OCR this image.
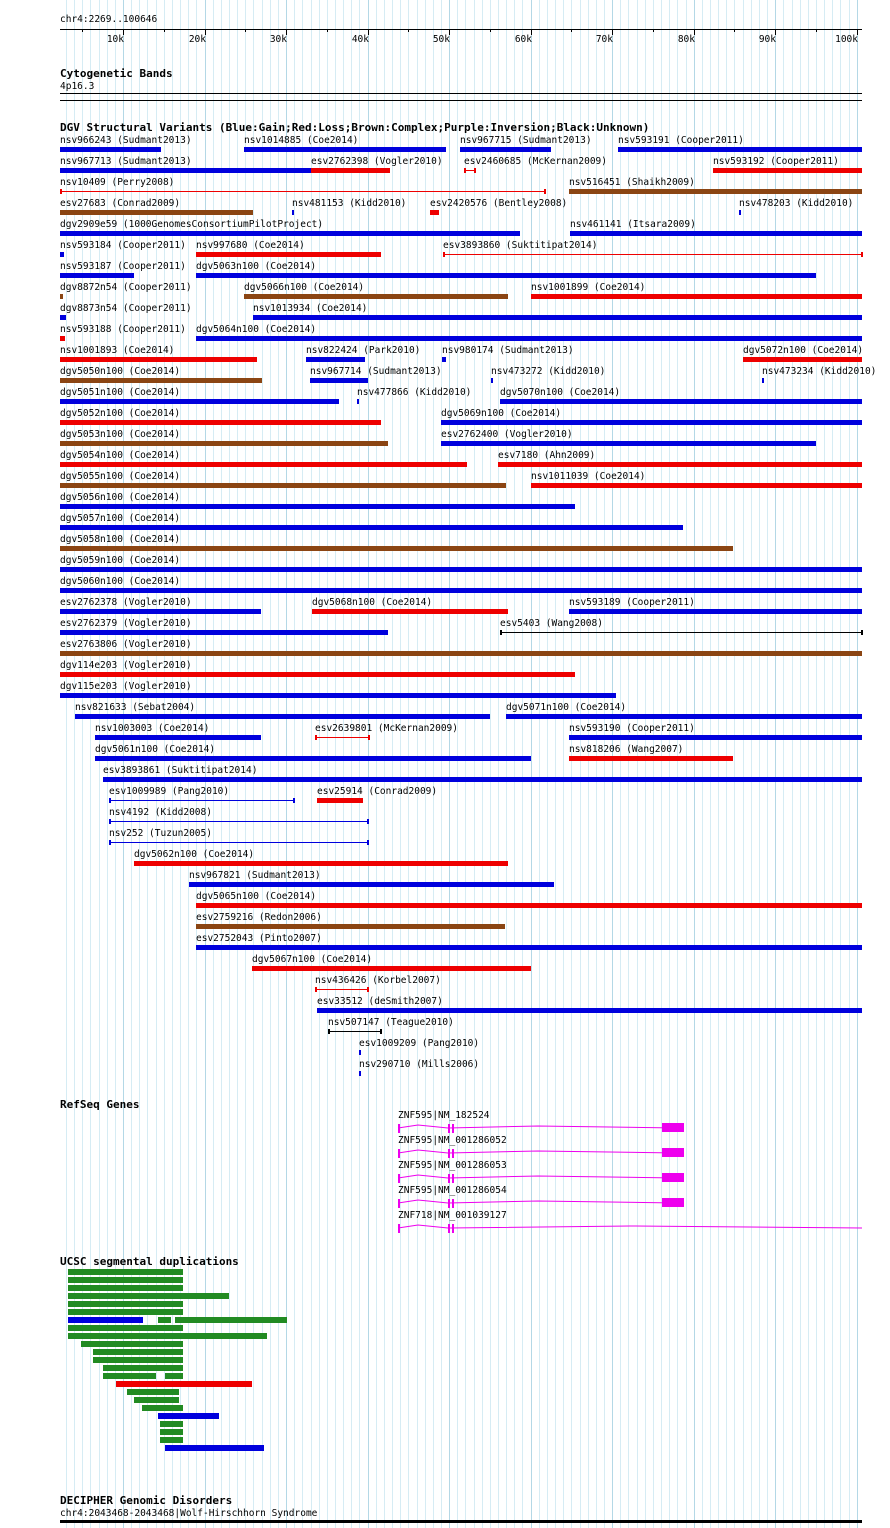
chr4:2269..100646
10k	20k	30k	40k	50k	60k	70k	80k	90k	100k
Cytogenetic Bands
4p16.3
DGV Structural Variants (Blue:Gain;Red:Loss;Brown:Complex;Purple:Inversion;Black:Unknown)
nsv966243 (Sudmant2013)	nsv1014885 (Coe2014)	nsv967715 (Sudmant2013)	nsv593191 (Cooper2011)
nsv967713 (Sudmant2013)	esv2762398 (Vogler2010) esv2460685 (McKernan2009)	nsv593192 (Cooper2011)
nsv10409 (Perry2008)	nsv516451 (Shaikh2009)
esv27683 (Conrad2009)	nsv481153 (Kidd2010) esv2420576 (Bentley2008)	nsv478203 (Kidd2010)
dgv2909e59 (1000GenomesConsortiumPilotProject)	nsv461141 (Itsara2009)
nsv593184 (Cooper2011) nsv997680 (Coe2014)	esv3893860 (Suktitipat2014)
nsv593187 (Cooper2011) dgv5063n100 (Coe2014)
dgv8872n54 (Cooper2011)	dgv5066n100 (Coe2014)	nsv1001899 (Coe2014)
dgv8873n54 (Cooper2011)	nsv1013934 (Coe2014)
nsv593188 (Cooper2011) dgv5064n100 (Coe2014)
nsv1001893 (Coe2014)	nsv822424 (Park2010) nsv980174 (Sudmant2013)	dgv5072n100 (Coe2014)
dgv5050n100 (Coe2014)	nsv967714 (Sudmant2013)	nsv473272 (Kidd2010)	nsv473234 (Kidd2010)
dgv5051n100 (Coe2014)	nsv477866 (Kidd2010)	dgv5070n100 (Coe2014)
dgv5052n100 (Coe2014)	dgv5069n100 (Coe2014)
dgv5053n100 (Coe2014)	esv2762400 (Vogler2010)
dgv5054n100 (Coe2014)	esv7180 (Ahn2009)
dgv5055n100 (Coe2014)	nsv1011039 (Coe2014)
dgv5056n100 (Coe2014)
dgv5057n100 (Coe2014)
dgv5058n100 (Coe2014)
dgv5059n100 (Coe2014)
dgv5060n100 (Coe2014)
esv2762378 (Vogler2010)	dgv5068n100 (Coe2014)	nsv593189 (Cooper2011)
esv2762379 (Vogler2010)	esv5403 (Wang2008)
esv2763806 (Vogler2010)
dgv114e203 (Vogler2010)
dgv115e203 (Vogler2010)
nsv821633 (Sebat2004)	dgv5071n100 (Coe2014)
nsv1003003 (Coe2014)	esv2639801 (McKernan2009)	nsv593190 (Cooper2011)
dgv5061n100 (Coe2014)	nsv818206 (Wang2007)
esv3893861 (Suktitipat2014)
esv1009989 (Pang2010)	esv25914 (Conrad2009)
nsv4192 (Kidd2008)
nsv252 (Tuzun2005)
dgv5062n100 (Coe2014)
nsv967821 (Sudmant2013)
dgv5065n100 (Coe2014)
esv2759216 (Redon2006)
esv2752043 (Pinto2007)
dgv5067n100 (Coe2014)
nsv436426 (Korbel2007)
esv33512 (deSmith2007)
nsv507147 (Teague2010)
esv1009209 (Pang2010)
nsv290710 (Mills2006)
RefSeq Genes
ZNF595|NM_182524
ZNF595|NM_001286052
ZNF595|NM_001286053
ZNF595|NM_001286054
ZNF718|NM_001039127
UCSC segmental duplications
DECIPHER Genomic Disorders
chr4:2043468-2043468|Wolf-Hirschhorn Syndrome
